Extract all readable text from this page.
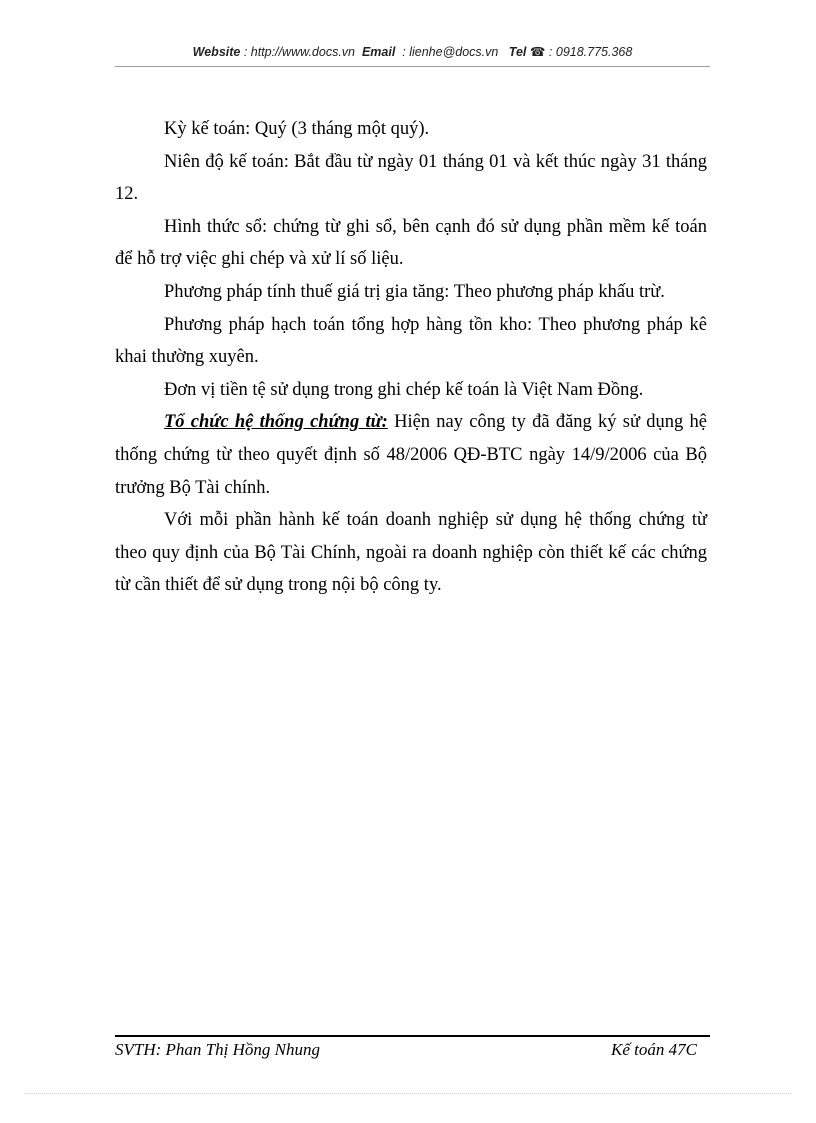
Website : http://www.docs.vn Email  : lienhe@docs.vn Tel ☎ : 0918.775.368

Kỳ kế toán: Quý (3 tháng một quý).

Niên độ kế toán: Bắt đầu từ ngày 01 tháng 01 và kết thúc ngày 31 tháng 12.

Hình thức sổ: chứng từ ghi sổ, bên cạnh đó sử dụng phần mềm kế toán để hỗ trợ việc ghi chép và xử lí số liệu.

Phương pháp tính thuế giá trị gia tăng: Theo phương pháp khấu trừ.

Phương pháp hạch toán tổng hợp hàng tồn kho: Theo phương pháp kê khai thường xuyên.

Đơn vị tiền tệ sử dụng trong ghi chép kế toán là Việt Nam Đồng.

Tổ chức hệ thống chứng từ: Hiện nay công ty đã đăng ký sử dụng hệ thống chứng từ theo quyết định số 48/2006 QĐ-BTC ngày 14/9/2006 của Bộ trưởng Bộ Tài chính.

Với mỗi phần hành kế toán doanh nghiệp sử dụng hệ thống chứng từ theo quy định của Bộ Tài Chính, ngoài ra doanh nghiệp còn thiết kế các chứng từ cần thiết để sử dụng trong nội bộ công ty.

SVTH: Phan Thị Hồng Nhung	Kế toán 47C
